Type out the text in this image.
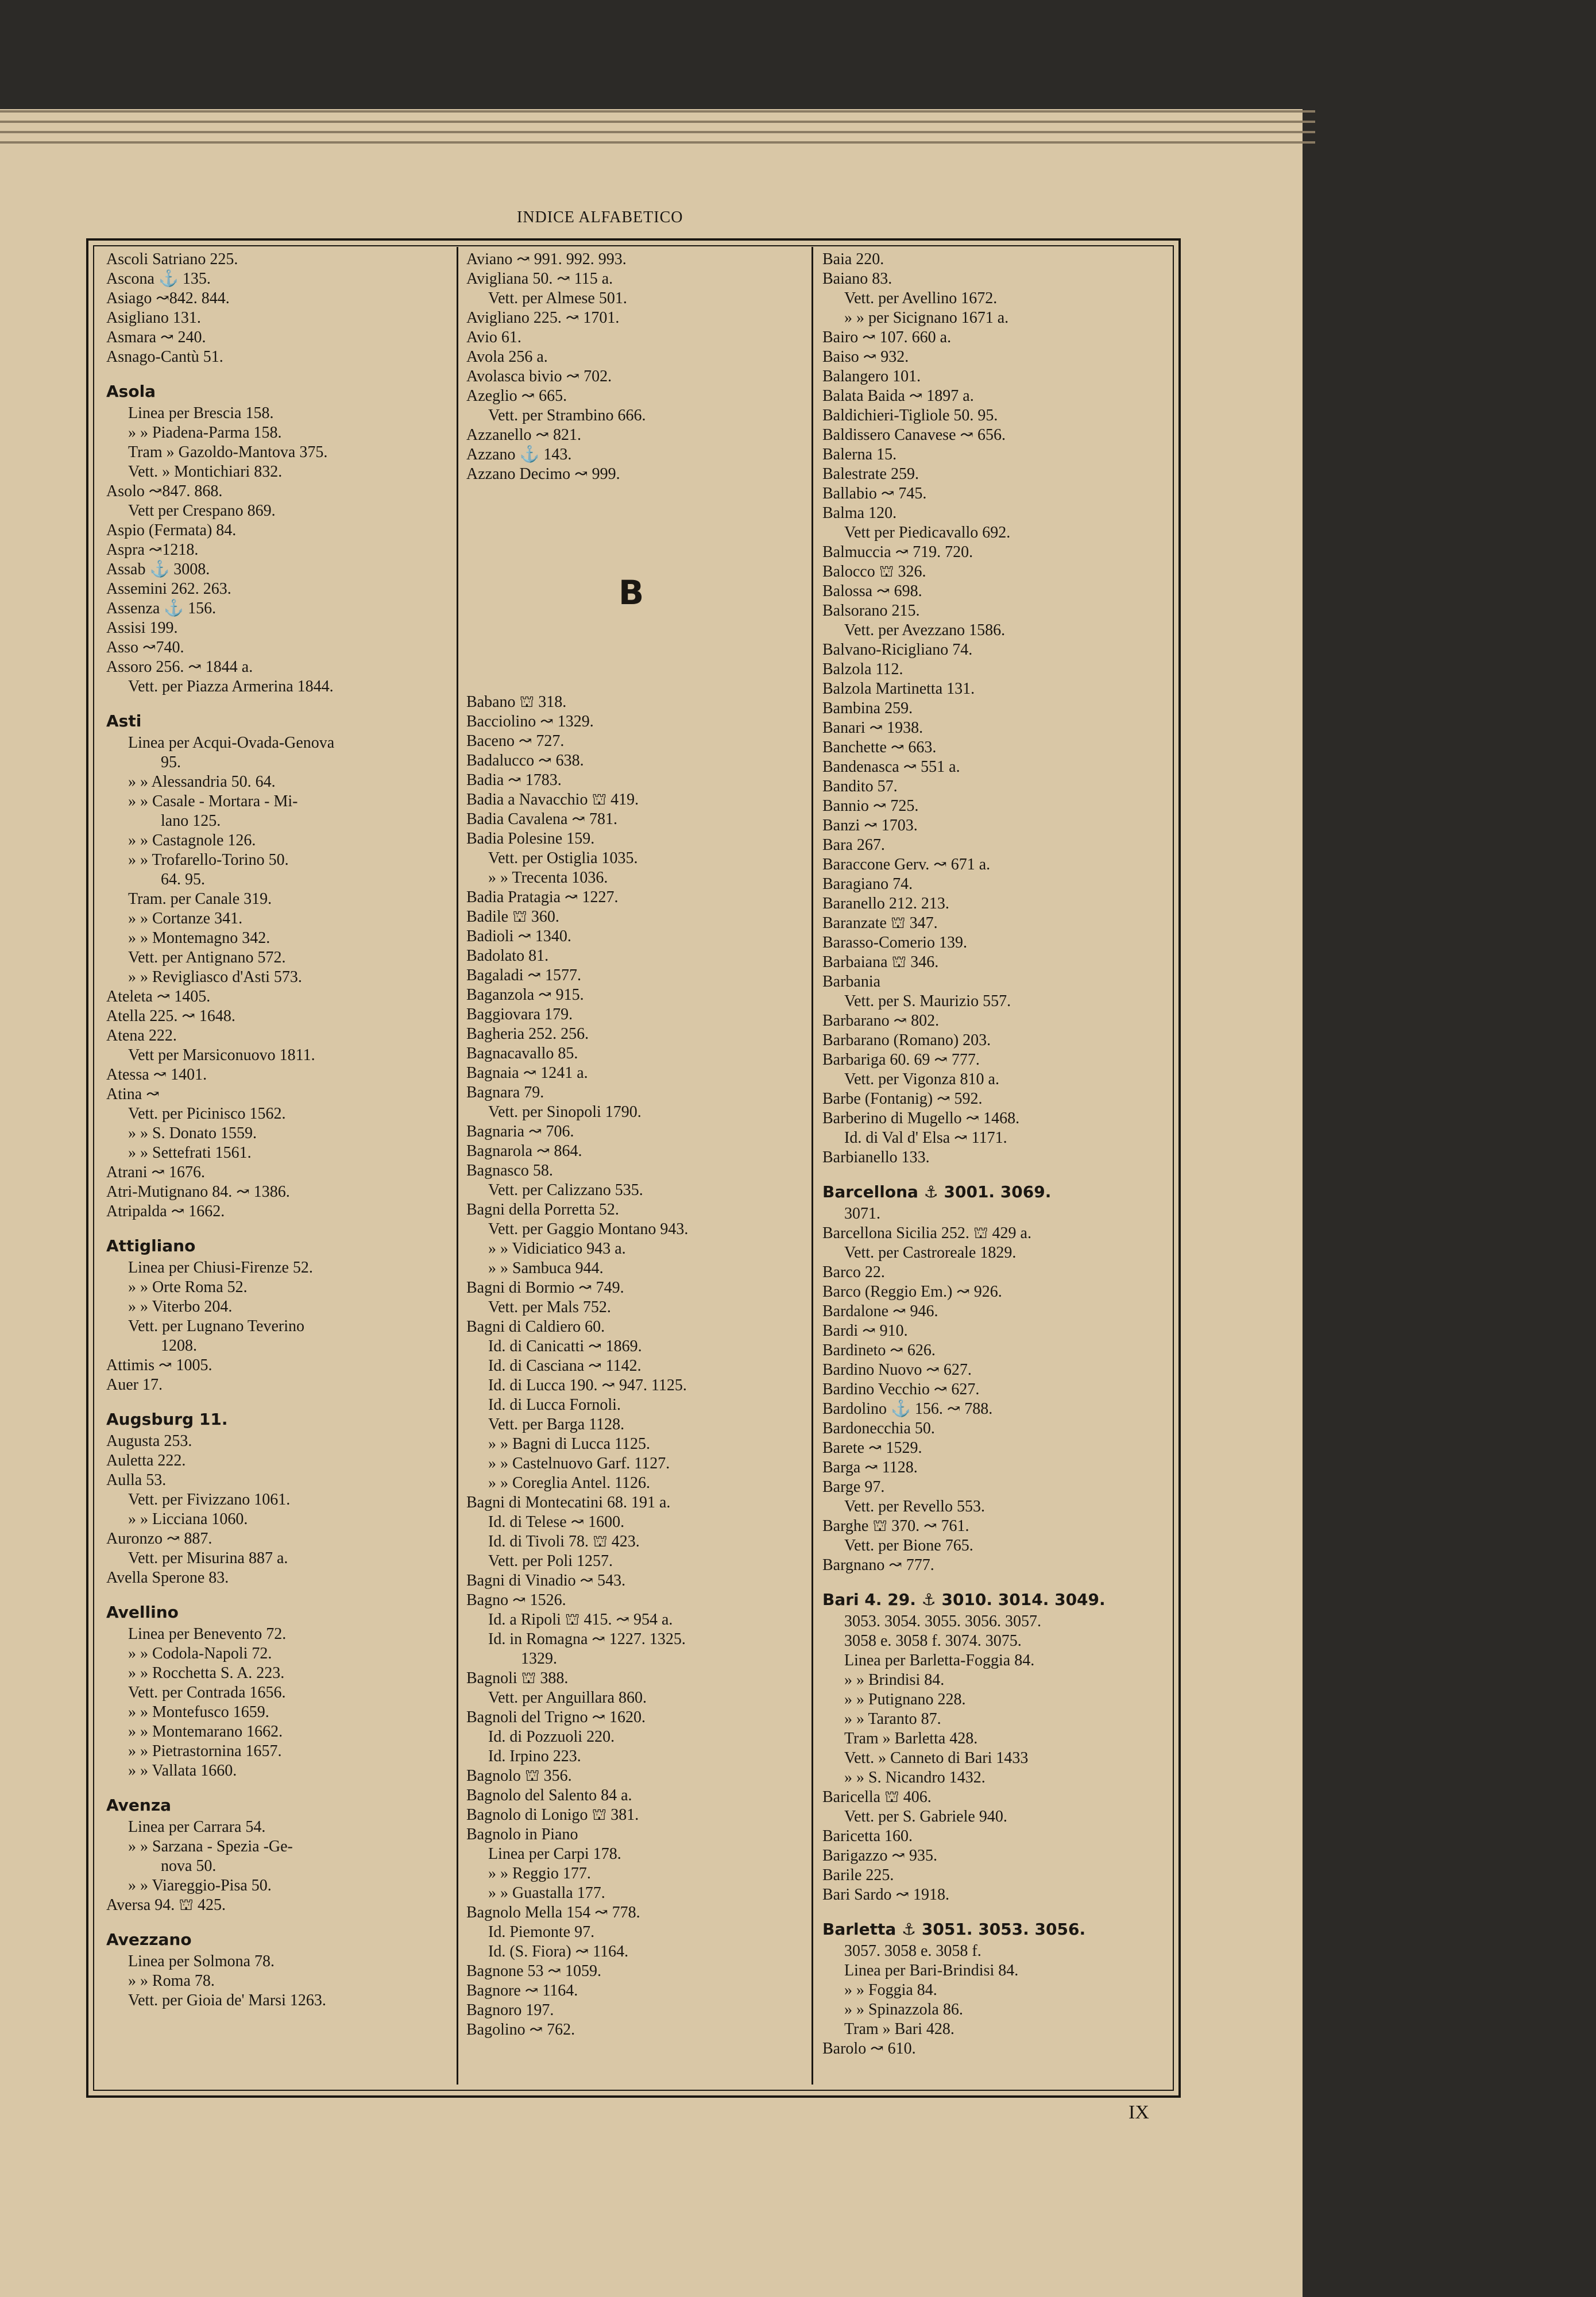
INDICE ALFABETICO
Ascoli Satriano 225.
Ascona ⚓ 135.
Asiago ↝842. 844.
Asigliano 131.
Asmara ↝ 240.
Asnago-Cantù 51.
Asola
Linea per Brescia 158.
» » Piadena-Parma 158.
Tram » Gazoldo-Mantova 375.
Vett. » Montichiari 832.
Asolo ↝847. 868.
Vett per Crespano 869.
Aspio (Fermata) 84.
Aspra ↝1218.
Assab ⚓ 3008.
Assemini 262. 263.
Assenza ⚓ 156.
Assisi 199.
Asso ↝740.
Assoro 256. ↝ 1844 a.
Vett. per Piazza Armerina 1844.
Asti
Linea per Acqui-Ovada-Genova
95.
» » Alessandria 50. 64.
» » Casale - Mortara - Mi-
lano 125.
» » Castagnole 126.
» » Trofarello-Torino 50.
64. 95.
Tram. per Canale 319.
» » Cortanze 341.
» » Montemagno 342.
Vett. per Antignano 572.
» » Revigliasco d'Asti 573.
Ateleta ↝ 1405.
Atella 225. ↝ 1648.
Atena 222.
Vett per Marsiconuovo 1811.
Atessa ↝ 1401.
Atina ↝
Vett. per Picinisco 1562.
» » S. Donato 1559.
» » Settefrati 1561.
Atrani ↝ 1676.
Atri-Mutignano 84. ↝ 1386.
Atripalda ↝ 1662.
Attigliano
Linea per Chiusi-Firenze 52.
» » Orte Roma 52.
» » Viterbo 204.
Vett. per Lugnano Teverino
1208.
Attimis ↝ 1005.
Auer 17.
Augsburg 11.
Augusta 253.
Auletta 222.
Aulla 53.
Vett. per Fivizzano 1061.
» » Licciana 1060.
Auronzo ↝ 887.
Vett. per Misurina 887 a.
Avella Sperone 83.
Avellino
Linea per Benevento 72.
» » Codola-Napoli 72.
» » Rocchetta S. A. 223.
Vett. per Contrada 1656.
» » Montefusco 1659.
» » Montemarano 1662.
» » Pietrastornina 1657.
» » Vallata 1660.
Avenza
Linea per Carrara 54.
» » Sarzana - Spezia -Ge-
nova 50.
» » Viareggio-Pisa 50.
Aversa 94. ⛫ 425.
Avezzano
Linea per Solmona 78.
» » Roma 78.
Vett. per Gioia de' Marsi 1263.
Aviano ↝ 991. 992. 993.
Avigliana 50. ↝ 115 a.
Vett. per Almese 501.
Avigliano 225. ↝ 1701.
Avio 61.
Avola 256 a.
Avolasca bivio ↝ 702.
Azeglio ↝ 665.
Vett. per Strambino 666.
Azzanello ↝ 821.
Azzano ⚓ 143.
Azzano Decimo ↝ 999.
B
Babano ⛫ 318.
Bacciolino ↝ 1329.
Baceno ↝ 727.
Badalucco ↝ 638.
Badia ↝ 1783.
Badia a Navacchio ⛫ 419.
Badia Cavalena ↝ 781.
Badia Polesine 159.
Vett. per Ostiglia 1035.
» » Trecenta 1036.
Badia Pratagia ↝ 1227.
Badile ⛫ 360.
Badioli ↝ 1340.
Badolato 81.
Bagaladi ↝ 1577.
Baganzola ↝ 915.
Baggiovara 179.
Bagheria 252. 256.
Bagnacavallo 85.
Bagnaia ↝ 1241 a.
Bagnara 79.
Vett. per Sinopoli 1790.
Bagnaria ↝ 706.
Bagnarola ↝ 864.
Bagnasco 58.
Vett. per Calizzano 535.
Bagni della Porretta 52.
Vett. per Gaggio Montano 943.
» » Vidiciatico 943 a.
» » Sambuca 944.
Bagni di Bormio ↝ 749.
Vett. per Mals 752.
Bagni di Caldiero 60.
Id. di Canicatti ↝ 1869.
Id. di Casciana ↝ 1142.
Id. di Lucca 190. ↝ 947. 1125.
Id. di Lucca Fornoli.
Vett. per Barga 1128.
» » Bagni di Lucca 1125.
» » Castelnuovo Garf. 1127.
» » Coreglia Antel. 1126.
Bagni di Montecatini 68. 191 a.
Id. di Telese ↝ 1600.
Id. di Tivoli 78. ⛫ 423.
Vett. per Poli 1257.
Bagni di Vinadio ↝ 543.
Bagno ↝ 1526.
Id. a Ripoli ⛫ 415. ↝ 954 a.
Id. in Romagna ↝ 1227. 1325.
1329.
Bagnoli ⛫ 388.
Vett. per Anguillara 860.
Bagnoli del Trigno ↝ 1620.
Id. di Pozzuoli 220.
Id. Irpino 223.
Bagnolo ⛫ 356.
Bagnolo del Salento 84 a.
Bagnolo di Lonigo ⛫ 381.
Bagnolo in Piano
Linea per Carpi 178.
» » Reggio 177.
» » Guastalla 177.
Bagnolo Mella 154 ↝ 778.
Id. Piemonte 97.
Id. (S. Fiora) ↝ 1164.
Bagnone 53 ↝ 1059.
Bagnore ↝ 1164.
Bagnoro 197.
Bagolino ↝ 762.
Baia 220.
Baiano 83.
Vett. per Avellino 1672.
» » per Sicignano 1671 a.
Bairo ↝ 107. 660 a.
Baiso ↝ 932.
Balangero 101.
Balata Baida ↝ 1897 a.
Baldichieri-Tigliole 50. 95.
Baldissero Canavese ↝ 656.
Balerna 15.
Balestrate 259.
Ballabio ↝ 745.
Balma 120.
Vett per Piedicavallo 692.
Balmuccia ↝ 719. 720.
Balocco ⛫ 326.
Balossa ↝ 698.
Balsorano 215.
Vett. per Avezzano 1586.
Balvano-Ricigliano 74.
Balzola 112.
Balzola Martinetta 131.
Bambina 259.
Banari ↝ 1938.
Banchette ↝ 663.
Bandenasca ↝ 551 a.
Bandito 57.
Bannio ↝ 725.
Banzi ↝ 1703.
Bara 267.
Baraccone Gerv. ↝ 671 a.
Baragiano 74.
Baranello 212. 213.
Baranzate ⛫ 347.
Barasso-Comerio 139.
Barbaiana ⛫ 346.
Barbania
Vett. per S. Maurizio 557.
Barbarano ↝ 802.
Barbarano (Romano) 203.
Barbariga 60. 69 ↝ 777.
Vett. per Vigonza 810 a.
Barbe (Fontanig) ↝ 592.
Barberino di Mugello ↝ 1468.
Id. di Val d' Elsa ↝ 1171.
Barbianello 133.
Barcellona ⚓ 3001. 3069.
3071.
Barcellona Sicilia 252. ⛫ 429 a.
Vett. per Castroreale 1829.
Barco 22.
Barco (Reggio Em.) ↝ 926.
Bardalone ↝ 946.
Bardi ↝ 910.
Bardineto ↝ 626.
Bardino Nuovo ↝ 627.
Bardino Vecchio ↝ 627.
Bardolino ⚓ 156. ↝ 788.
Bardonecchia 50.
Barete ↝ 1529.
Barga ↝ 1128.
Barge 97.
Vett. per Revello 553.
Barghe ⛫ 370. ↝ 761.
Vett. per Bione 765.
Bargnano ↝ 777.
Bari 4. 29. ⚓ 3010. 3014. 3049.
3053. 3054. 3055. 3056. 3057.
3058 e. 3058 f. 3074. 3075.
Linea per Barletta-Foggia 84.
» » Brindisi 84.
» » Putignano 228.
» » Taranto 87.
Tram » Barletta 428.
Vett. » Canneto di Bari 1433
» » S. Nicandro 1432.
Baricella ⛫ 406.
Vett. per S. Gabriele 940.
Baricetta 160.
Barigazzo ↝ 935.
Barile 225.
Bari Sardo ↝ 1918.
Barletta ⚓ 3051. 3053. 3056.
3057. 3058 e. 3058 f.
Linea per Bari-Brindisi 84.
» » Foggia 84.
» » Spinazzola 86.
Tram » Bari 428.
Barolo ↝ 610.
IX
